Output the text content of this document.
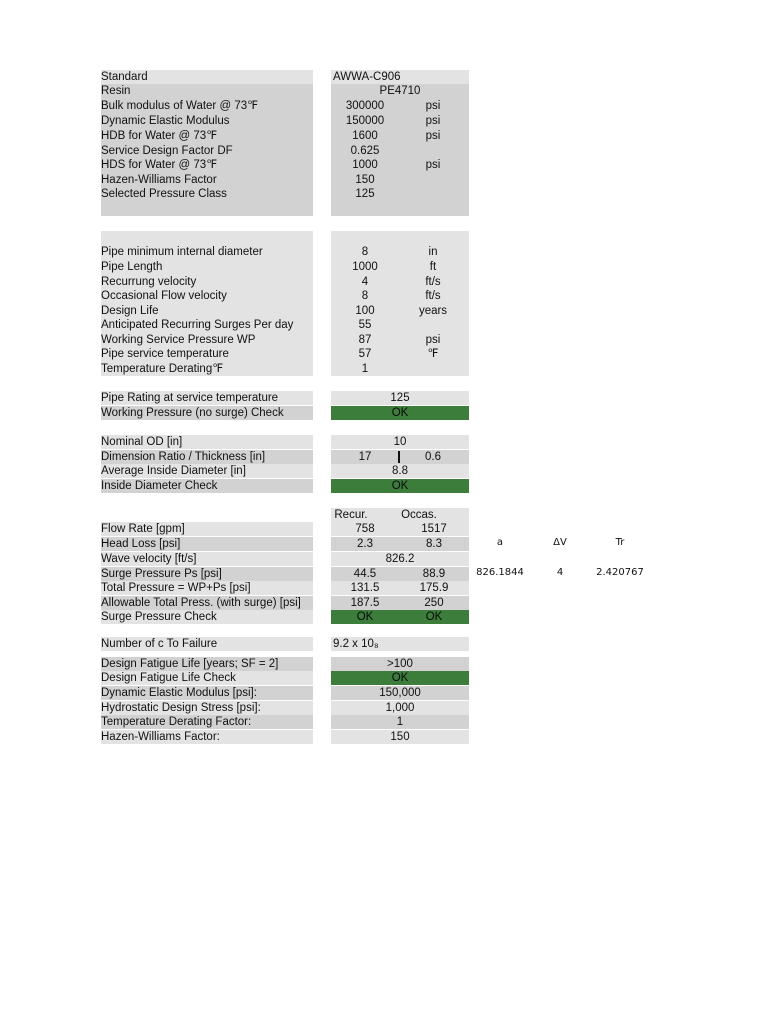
Standard	AWWA-C906
Resin	PE4710
Bulk modulus of Water @ 73℉	300000	psi
Dynamic Elastic Modulus	150000	psi
HDB for Water @ 73℉	1600	psi
Service Design Factor DF	0.625
HDS for Water @ 73℉	1000	psi
Hazen-Williams Factor	150
Selected Pressure Class	125
Pipe minimum internal diameter	8	in
Pipe Length	1000	ft
Recurrung velocity	4	ft/s
Occasional Flow velocity	8	ft/s
Design Life	100	years
Anticipated Recurring Surges Per day	55
Working Service Pressure WP	87	psi
Pipe service temperature	57	℉
Temperature Derating℉	1
Pipe Rating at service temperature	125
Working Pressure (no surge) Check	OK
Nominal OD [in]	10
Dimension Ratio / Thickness [in]	17	0.6
Average Inside Diameter [in]	8.8
Inside Diameter Check	OK
Recur.	Occas.
Flow Rate [gpm]	758	1517
Head Loss [psi]	2.3	8.3
Wave velocity [ft/s]	826.2
Surge Pressure Ps [psi]	44.5	88.9
Total Pressure = WP+Ps [psi]	131.5	175.9
Allowable Total Press. (with surge) [psi]	187.5	250
Surge Pressure Check	OK	OK
a	ΔV	Tr
826.1844	4	2.420767
Number of c To Failure	9.2 x 10₈
Design Fatigue Life [years; SF = 2]	>100
Design Fatigue Life Check	OK
Dynamic Elastic Modulus [psi]:	150,000
Hydrostatic Design Stress [psi]:	1,000
Temperature Derating Factor:	1
Hazen-Williams Factor:	150
